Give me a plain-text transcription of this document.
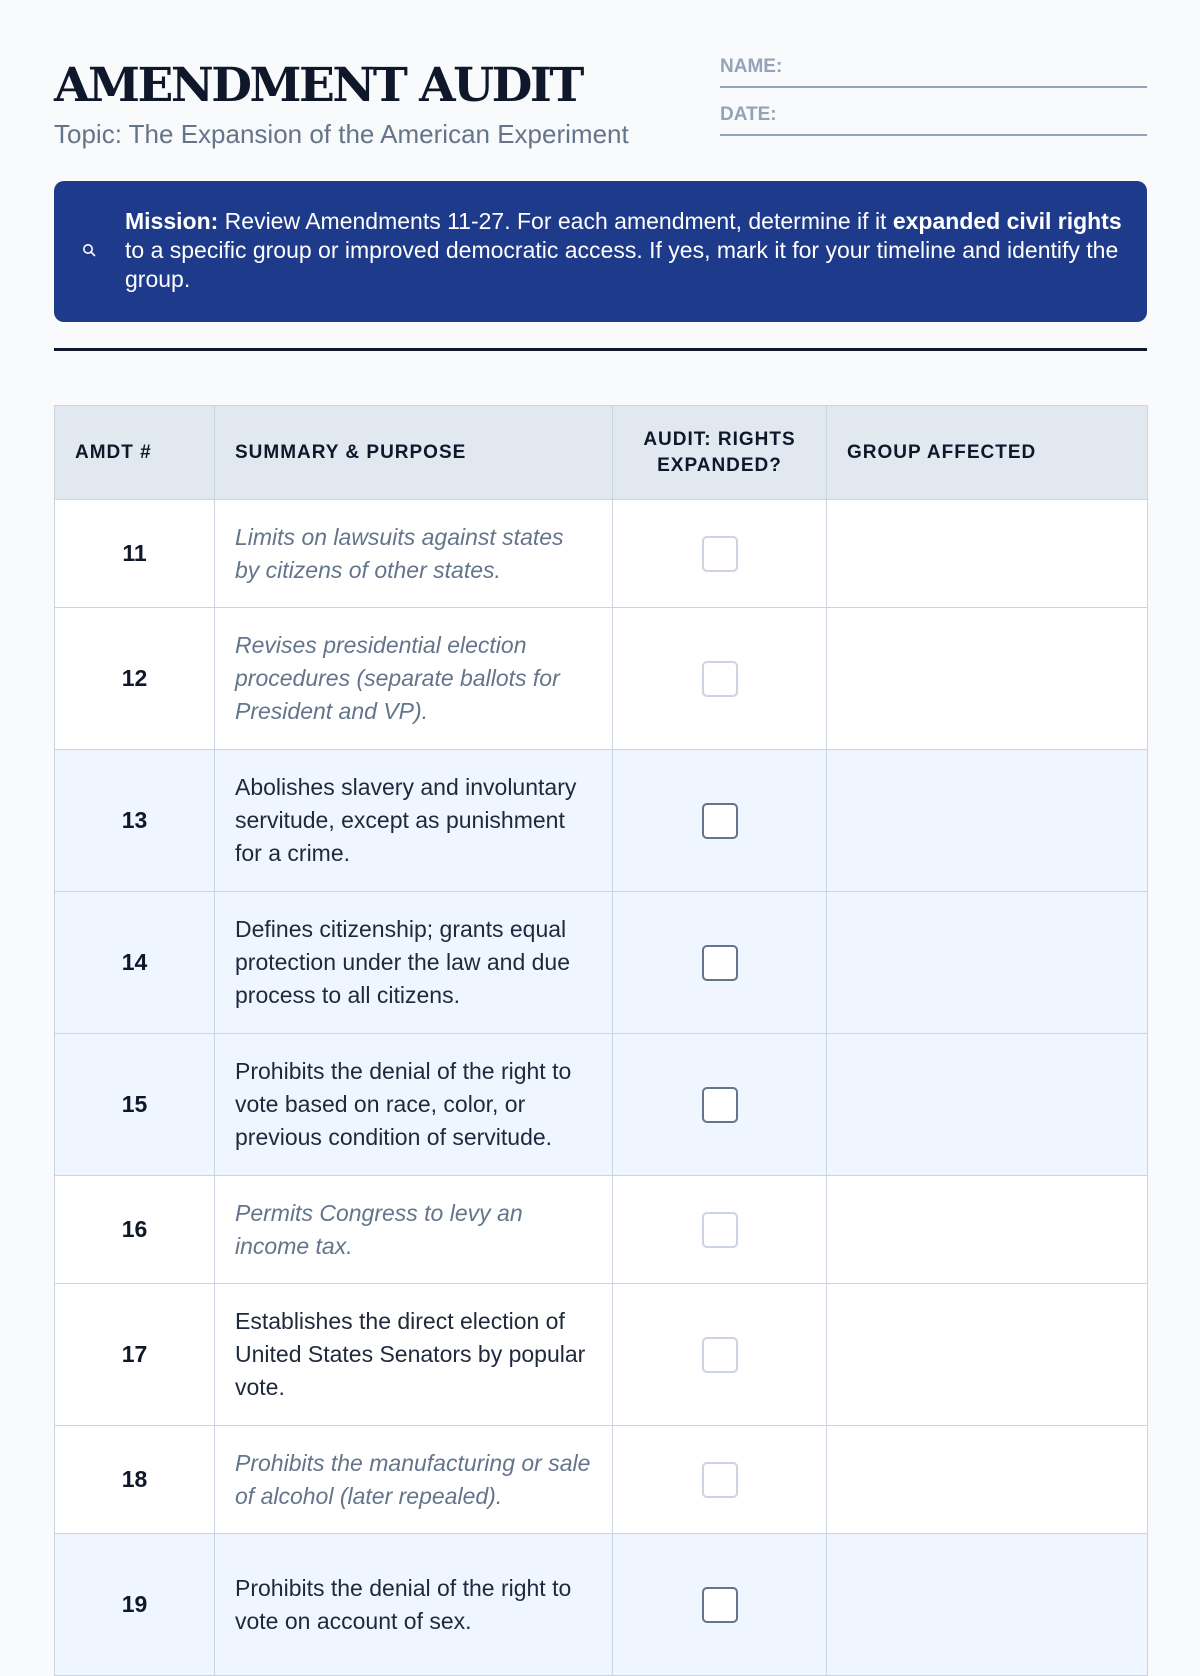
AMENDMENT AUDIT
Topic: The Expansion of the American Experiment
NAME:
DATE:
Mission: Review Amendments 11-27. For each amendment, determine if it expanded civil rights to a specific group or improved democratic access. If yes, mark it for your timeline and identify the group.
AMDT #	SUMMARY & PURPOSE	AUDIT: RIGHTS EXPANDED?	GROUP AFFECTED
11	Limits on lawsuits against states by citizens of other states.		
12	Revises presidential election procedures (separate ballots for President and VP).		
13	Abolishes slavery and involuntary servitude, except as punishment for a crime.		
14	Defines citizenship; grants equal protection under the law and due process to all citizens.		
15	Prohibits the denial of the right to vote based on race, color, or previous condition of servitude.		
16	Permits Congress to levy an income tax.		
17	Establishes the direct election of United States Senators by popular vote.		
18	Prohibits the manufacturing or sale of alcohol (later repealed).		
19	Prohibits the denial of the right to vote on account of sex.		
